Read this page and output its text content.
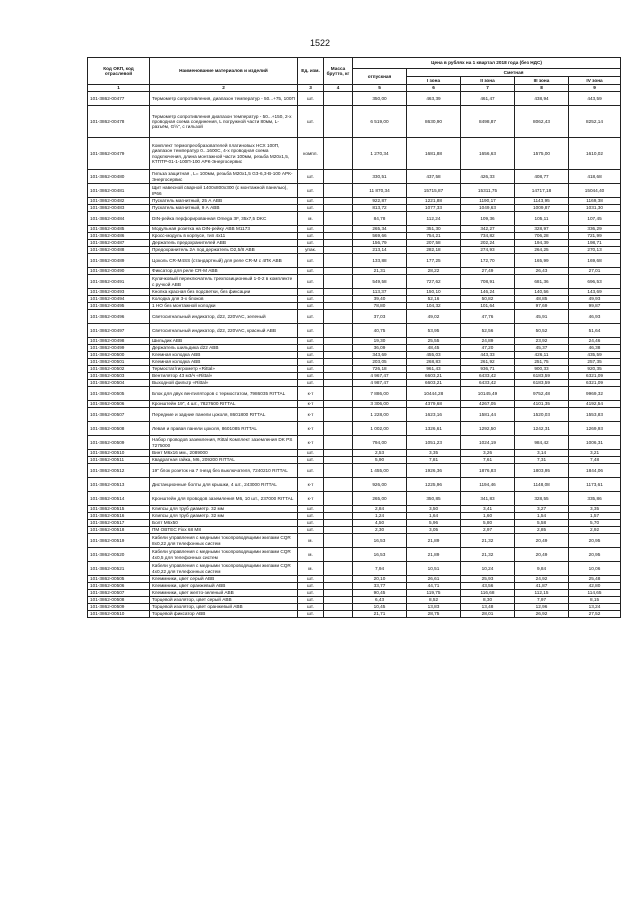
1522
Код ОКП, код отраслевой	Наименование материалов и изделий	Ед. изм.	Масса брутто, кг	Цена в рублях на 1 квартал 2018 года (без НДС)				
				отпускная	Сметная			
					I зона	II зона	III зона	IV зона
1	2	3	4	5	6	7	8	9
101-3862-00477	Термометр сопротивления, диапазон температур - 50...+75, 100П	шт.		350,00	463,39	461,47	438,94	443,59
101-3862-00478	Термометр сопротивления диапазон температур - 50...+150, 2-х проводная схема соединения, L погружной части 80мм, L-разъём, G½", с гильзой	шт.		6 519,00	8630,90	8498,87	8062,43	8252,14
101-3862-00479	Комплект термопреобразователей платиновых НСХ 100П, диапазон температур 0...1600С, 4-х проводная схема подключения, длина монтажной части 100мм, резьба М20х1,5, КТПТР-01-1-100П-100 АРК-Энергосервис	компл.		1 270,34	1681,88	1656,63	1575,00	1610,02
101-3862-00480	Гильза защитная , L= 100мм, резьба М20х1,5 G3-6,3-В-100 АРК-Энергосервис	шт.		330,51	437,58	426,33	408,77	418,68
101-3862-00481	Щит навесной сварной 1400х800х300 (с монтажной панелью), IP66	шт.		11 870,34	15715,87	15311,75	14717,18	15044,40
101-3862-00482	Пускатель магнитный, 25 А АВВ	шт.		922,87	1221,88	1190,17	1143,95	1169,38
101-3862-00483	Пускатель магнитный, 9 А АВВ	шт.		813,72	1077,33	1049,63	1009,87	1031,30
101-3862-00484	DIN-рейка перфорированная Omega 3F, 35х7,5 DKC	м.		84,78	112,24	109,36	105,11	107,45
101-3862-00485	Модульная розетка на DIN-рейку АВВ М1173	шт.		265,34	351,30	342,27	328,97	336,29
101-3862-00486	Кросс-модуль в корпусе, тип 4х11	шт.		569,66	754,21	734,82	706,28	721,99
101-3862-00487	Держатель предохранителей АВВ	шт.		156,79	207,58	202,24	194,39	198,71
101-3862-00488	Предохранитель 2А под держатель D2,5/8 АВВ	упак.		213,14	282,18	274,93	264,25	270,13
101-3862-00489	Цоколь CR-M4SS (стандартный) для реле CR-M с 4ПК АВВ	шт.		133,88	177,25	172,70	165,99	169,68
101-3862-00490	Фиксатор для реле CR-M АВВ	шт.		21,31	28,22	27,49	26,43	27,01
101-3862-00491	Кулачковый переключатель трехпозиционный 1-0-2 в комплекте с ручкой АВВ	шт.		549,58	727,62	708,91	681,36	696,53
101-3862-00493	Кнопка красная без подсветки, без фиксации	шт.		113,37	150,10	146,24	140,56	143,69
101-3862-00494	Колодка для 3-х блоков	шт.		39,40	52,16	50,82	48,85	49,93
101-3862-00495	1 НО без монтажной колодки	шт.		78,80	104,32	101,64	97,69	99,87
101-3862-00496	Светосигнальный индикатор, d22, 220VAC, зеленый	шт.		37,03	49,02	47,76	45,91	46,93
101-3862-00497	Светосигнальный индикатор, d22, 220VAC, красный АВВ	шт.		40,75	53,95	52,56	50,52	51,64
101-3862-00498	Шильдик АВВ	шт.		19,30	25,55	24,89	23,92	24,46
101-3862-00499	Держатель шильдика d22 АВВ	шт.		36,09	48,45	47,20	45,37	46,38
101-3862-00500	Клемная колодка АВВ	шт.		343,69	455,03	443,33	426,11	435,59
101-3862-00501	Клемная колодка АВВ	шт.		203,05	268,83	261,92	251,75	257,35
101-3862-00502	Термостат/гигрометр «Rittal»	шт.		726,18	961,43	936,71	900,33	920,35
101-3862-00503	Вентилятор 43 м3/ч «Rittal»	шт.		4 967,47	6603,21	6433,42	6183,59	6321,09
101-3862-00504	Выходной фильтр «Rittal»	шт.		4 987,47	6603,21	6433,42	6183,59	6321,09
101-3862-00505	Блок для двух вентиляторов с термостатом, 7986035 RITTAL	к-т		7 886,00	10444,28	10145,49	9752,48	9969,32
101-3862-00506	Кронштейн 19", 4 шт., 7827600 RITTAL	к-т		3 306,00	4379,68	4267,05	4101,35	4192,54
101-3862-00507	Передние и задние панели цоколя, 8601800 RITTAL	к-т		1 228,00	1623,16	1581,44	1520,03	1553,83
101-3862-00508	Левая и правая панели цоколя, 8601085 RITTAL	к-т		1 002,00	1326,61	1292,50	1242,31	1269,93
101-3862-00509	Набор проводов заземления, Rittal Комплект заземления DK PS 7275000	к-т		794,00	1051,23	1024,19	984,42	1006,31
101-3862-00510	Винт M6х16 мм., 2089000	шт.		2,53	3,35	3,26	3,14	3,21
101-3862-00511	Квадратная гайка, М6, 209200 RITTAL	шт.		5,90	7,81	7,61	7,31	7,48
101-3862-00512	19" блок розеток на 7 гнезд без выключателя, 7240210 RITTAL	шт.		1 455,00	1926,36	1876,83	1803,95	1844,06
101-3862-00513	Дистанционные болты для крышки, 4 шт., 243000 RITTAL	к-т		926,00	1225,96	1194,46	1148,08	1173,61
101-3862-00514	Кронштейн для проводов заземления М6, 10 шт., 237000 RITTAL	к-т		265,00	350,85	341,83	328,55	335,86
101-3862-00515	Клипсы для труб диаметр. 32 мм	шт.		2,84	3,50	3,41	3,27	3,35
101-3862-00516	Клипсы для труб диаметр. 32 мм	шт.		1,24	1,64	1,60	1,54	1,57
101-3862-00517	Болт М6х50	шт.		4,50	5,96	5,80	5,58	5,70
101-3862-00518	ПМ OBTEC Fixx 68 М8	шт.		2,30	3,05	2,97	2,85	2,92
101-3862-00519	Кабели управления с медными токопроводящими жилами CQR 8х0,22 для телефонных систем	м.		16,53	21,89	21,32	20,49	20,95
101-3862-00520	Кабели управления с медными токопроводящими жилами CQR 4х0,5 для телефонных систем	м.		16,53	21,89	21,32	20,49	20,95
101-3862-00521	Кабели управления с медными токопроводящими жилами CQR 4х0,22 для телефонных систем	м.		7,94	10,51	10,24	9,84	10,06
101-3862-00505	Клеммники, цвет серый АВВ	шт.		20,10	26,61	25,93	24,92	25,48
101-3862-00506	Клеммники, цвет оранжевый АВВ	шт.		33,77	44,71	43,56	41,87	42,80
101-3862-00507	Клеммники, цвет желто-зеленый АВВ	шт.		90,45	119,75	116,68	112,15	114,65
101-3862-00508	Торцевой изолятор, цвет серый АВВ	шт.		6,43	8,52	8,30	7,97	8,15
101-3862-00509	Торцевой изолятор, цвет оранжевый АВВ	шт.		10,45	13,83	13,48	12,96	13,24
101-3862-00510	Торцевой фиксатор АВВ	шт.		21,71	28,75	28,01	26,92	27,52
